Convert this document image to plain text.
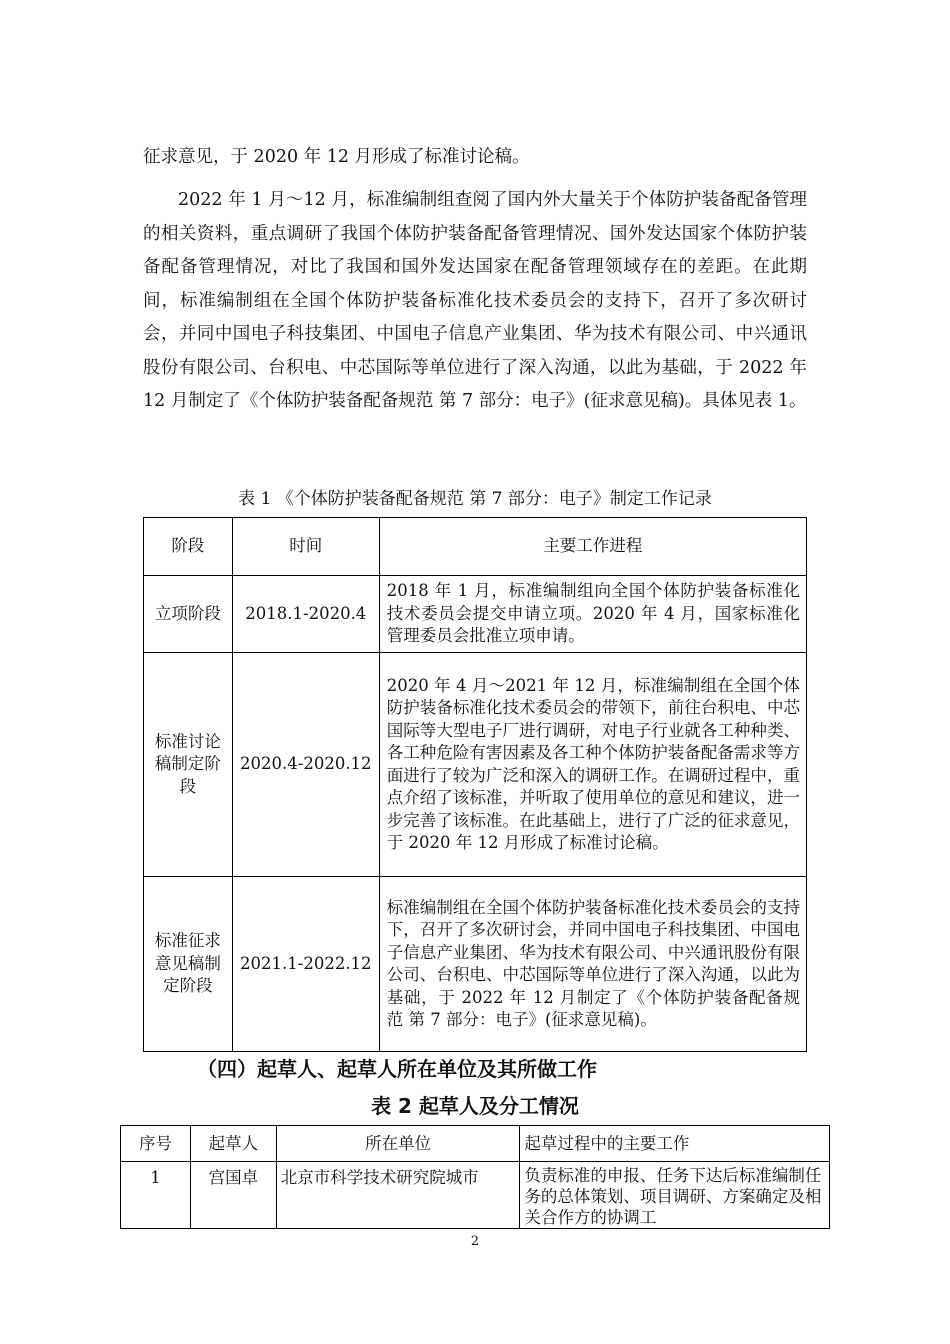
征求意见，于 2020 年 12 月形成了标准讨论稿。

2022 年 1 月～12 月，标准编制组查阅了国内外大量关于个体防护装备配备管理的相关资料，重点调研了我国个体防护装备配备管理情况、国外发达国家个体防护装备配备管理情况，对比了我国和国外发达国家在配备管理领域存在的差距。在此期间，标准编制组在全国个体防护装备标准化技术委员会的支持下，召开了多次研讨会，并同中国电子科技集团、中国电子信息产业集团、华为技术有限公司、中兴通讯股份有限公司、台积电、中芯国际等单位进行了深入沟通，以此为基础，于 2022 年 12 月制定了《个体防护装备配备规范 第 7 部分：电子》(征求意见稿)。具体见表 1。

表 1 《个体防护装备配备规范 第 7 部分：电子》制定工作记录
阶段	时间	主要工作进程
立项阶段	2018.1-2020.4	2018 年 1 月，标准编制组向全国个体防护装备标准化技术委员会提交申请立项。2020 年 4 月，国家标准化管理委员会批准立项申请。
标准讨论稿制定阶段	2020.4-2020.12	2020 年 4 月～2021 年 12 月，标准编制组在全国个体防护装备标准化技术委员会的带领下，前往台积电、中芯国际等大型电子厂进行调研，对电子行业就各工种种类、各工种危险有害因素及各工种个体防护装备配备需求等方面进行了较为广泛和深入的调研工作。在调研过程中，重点介绍了该标准，并听取了使用单位的意见和建议，进一步完善了该标准。在此基础上，进行了广泛的征求意见，于 2020 年 12 月形成了标准讨论稿。
标准征求意见稿制定阶段	2021.1-2022.12	标准编制组在全国个体防护装备标准化技术委员会的支持下，召开了多次研讨会，并同中国电子科技集团、中国电子信息产业集团、华为技术有限公司、中兴通讯股份有限公司、台积电、中芯国际等单位进行了深入沟通，以此为基础，于 2022 年 12 月制定了《个体防护装备配备规范 第 7 部分：电子》(征求意见稿)。
（四）起草人、起草人所在单位及其所做工作
表 2 起草人及分工情况
序号	起草人	所在单位	起草过程中的主要工作
1	宫国卓	北京市科学技术研究院城市	负责标准的申报、任务下达后标准编制任务的总体策划、项目调研、方案确定及相关合作方的协调工
2
